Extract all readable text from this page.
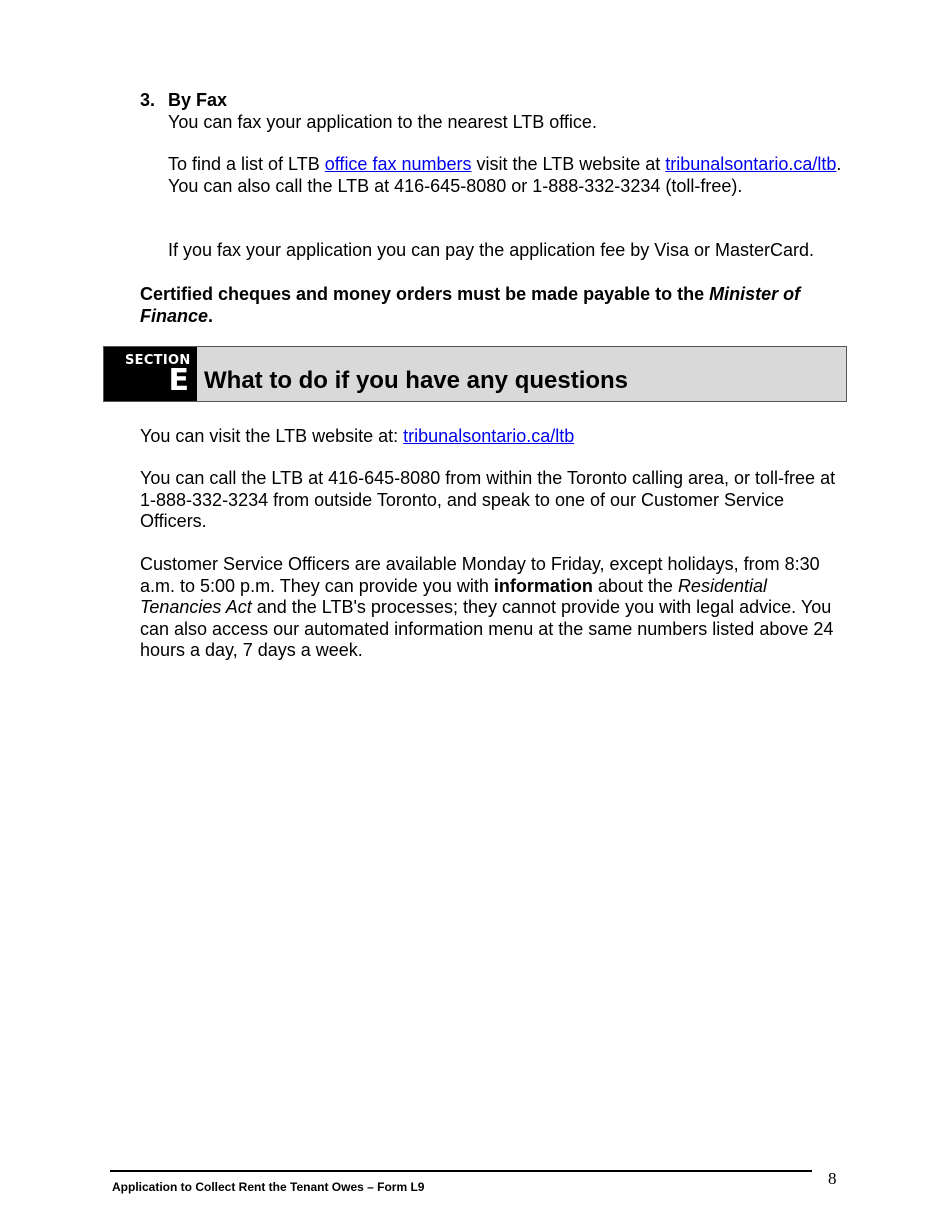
3. By Fax

You can fax your application to the nearest LTB office.

To find a list of LTB office fax numbers visit the LTB website at tribunalsontario.ca/ltb. You can also call the LTB at 416-645-8080 or 1-888-332-3234 (toll-free).

If you fax your application you can pay the application fee by Visa or MasterCard.

Certified cheques and money orders must be made payable to the Minister of Finance.

SECTION
E What to do if you have any questions

You can visit the LTB website at: tribunalsontario.ca/ltb

You can call the LTB at 416-645-8080 from within the Toronto calling area, or toll-free at 1-888-332-3234 from outside Toronto, and speak to one of our Customer Service Officers.

Customer Service Officers are available Monday to Friday, except holidays, from 8:30 a.m. to 5:00 p.m. They can provide you with information about the Residential Tenancies Act and the LTB's processes; they cannot provide you with legal advice. You can also access our automated information menu at the same numbers listed above 24 hours a day, 7 days a week.

Application to Collect Rent the Tenant Owes – Form L9	8
